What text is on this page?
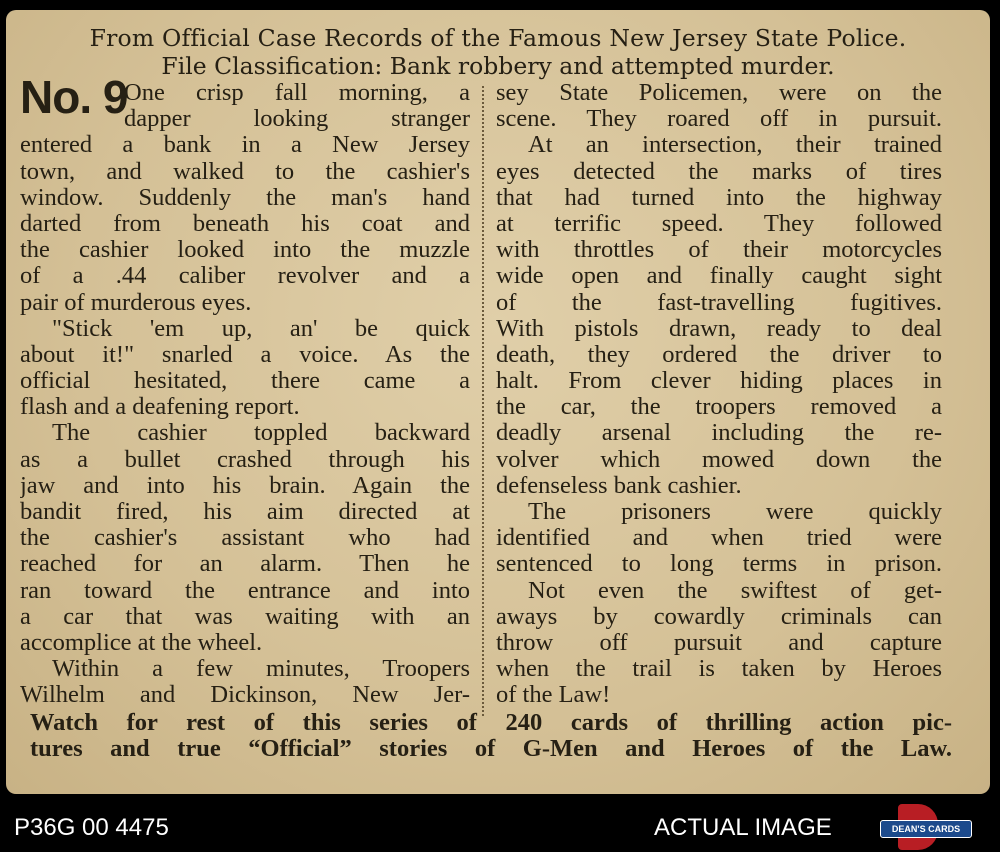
From Official Case Records of the Famous New Jersey State Police.
File Classification: Bank robbery and attempted murder.
No. 9
One crisp fall morning, a
dapper looking stranger
entered a bank in a New Jersey
town, and walked to the cashier's
window. Suddenly the man's hand
darted from beneath his coat and
the cashier looked into the muzzle
of a .44 caliber revolver and a
pair of murderous eyes.
"Stick 'em up, an' be quick
about it!" snarled a voice. As the
official hesitated, there came a
flash and a deafening report.
The cashier toppled backward
as a bullet crashed through his
jaw and into his brain. Again the
bandit fired, his aim directed at
the cashier's assistant who had
reached for an alarm. Then he
ran toward the entrance and into
a car that was waiting with an
accomplice at the wheel.
Within a few minutes, Troopers
Wilhelm and Dickinson, New Jer-
sey State Policemen, were on the
scene. They roared off in pursuit.
At an intersection, their trained
eyes detected the marks of tires
that had turned into the highway
at terrific speed. They followed
with throttles of their motorcycles
wide open and finally caught sight
of the fast-travelling fugitives.
With pistols drawn, ready to deal
death, they ordered the driver to
halt. From clever hiding places in
the car, the troopers removed a
deadly arsenal including the re-
volver which mowed down the
defenseless bank cashier.
The prisoners were quickly
identified and when tried were
sentenced to long terms in prison.
Not even the swiftest of get-
aways by cowardly criminals can
throw off pursuit and capture
when the trail is taken by Heroes
of the Law!
Watch for rest of this series of 240 cards of thrilling action pic-
tures and true “Official” stories of G-Men and Heroes of the Law.
P36G 00 4475	ACTUAL IMAGE	DEAN'S CARDS
